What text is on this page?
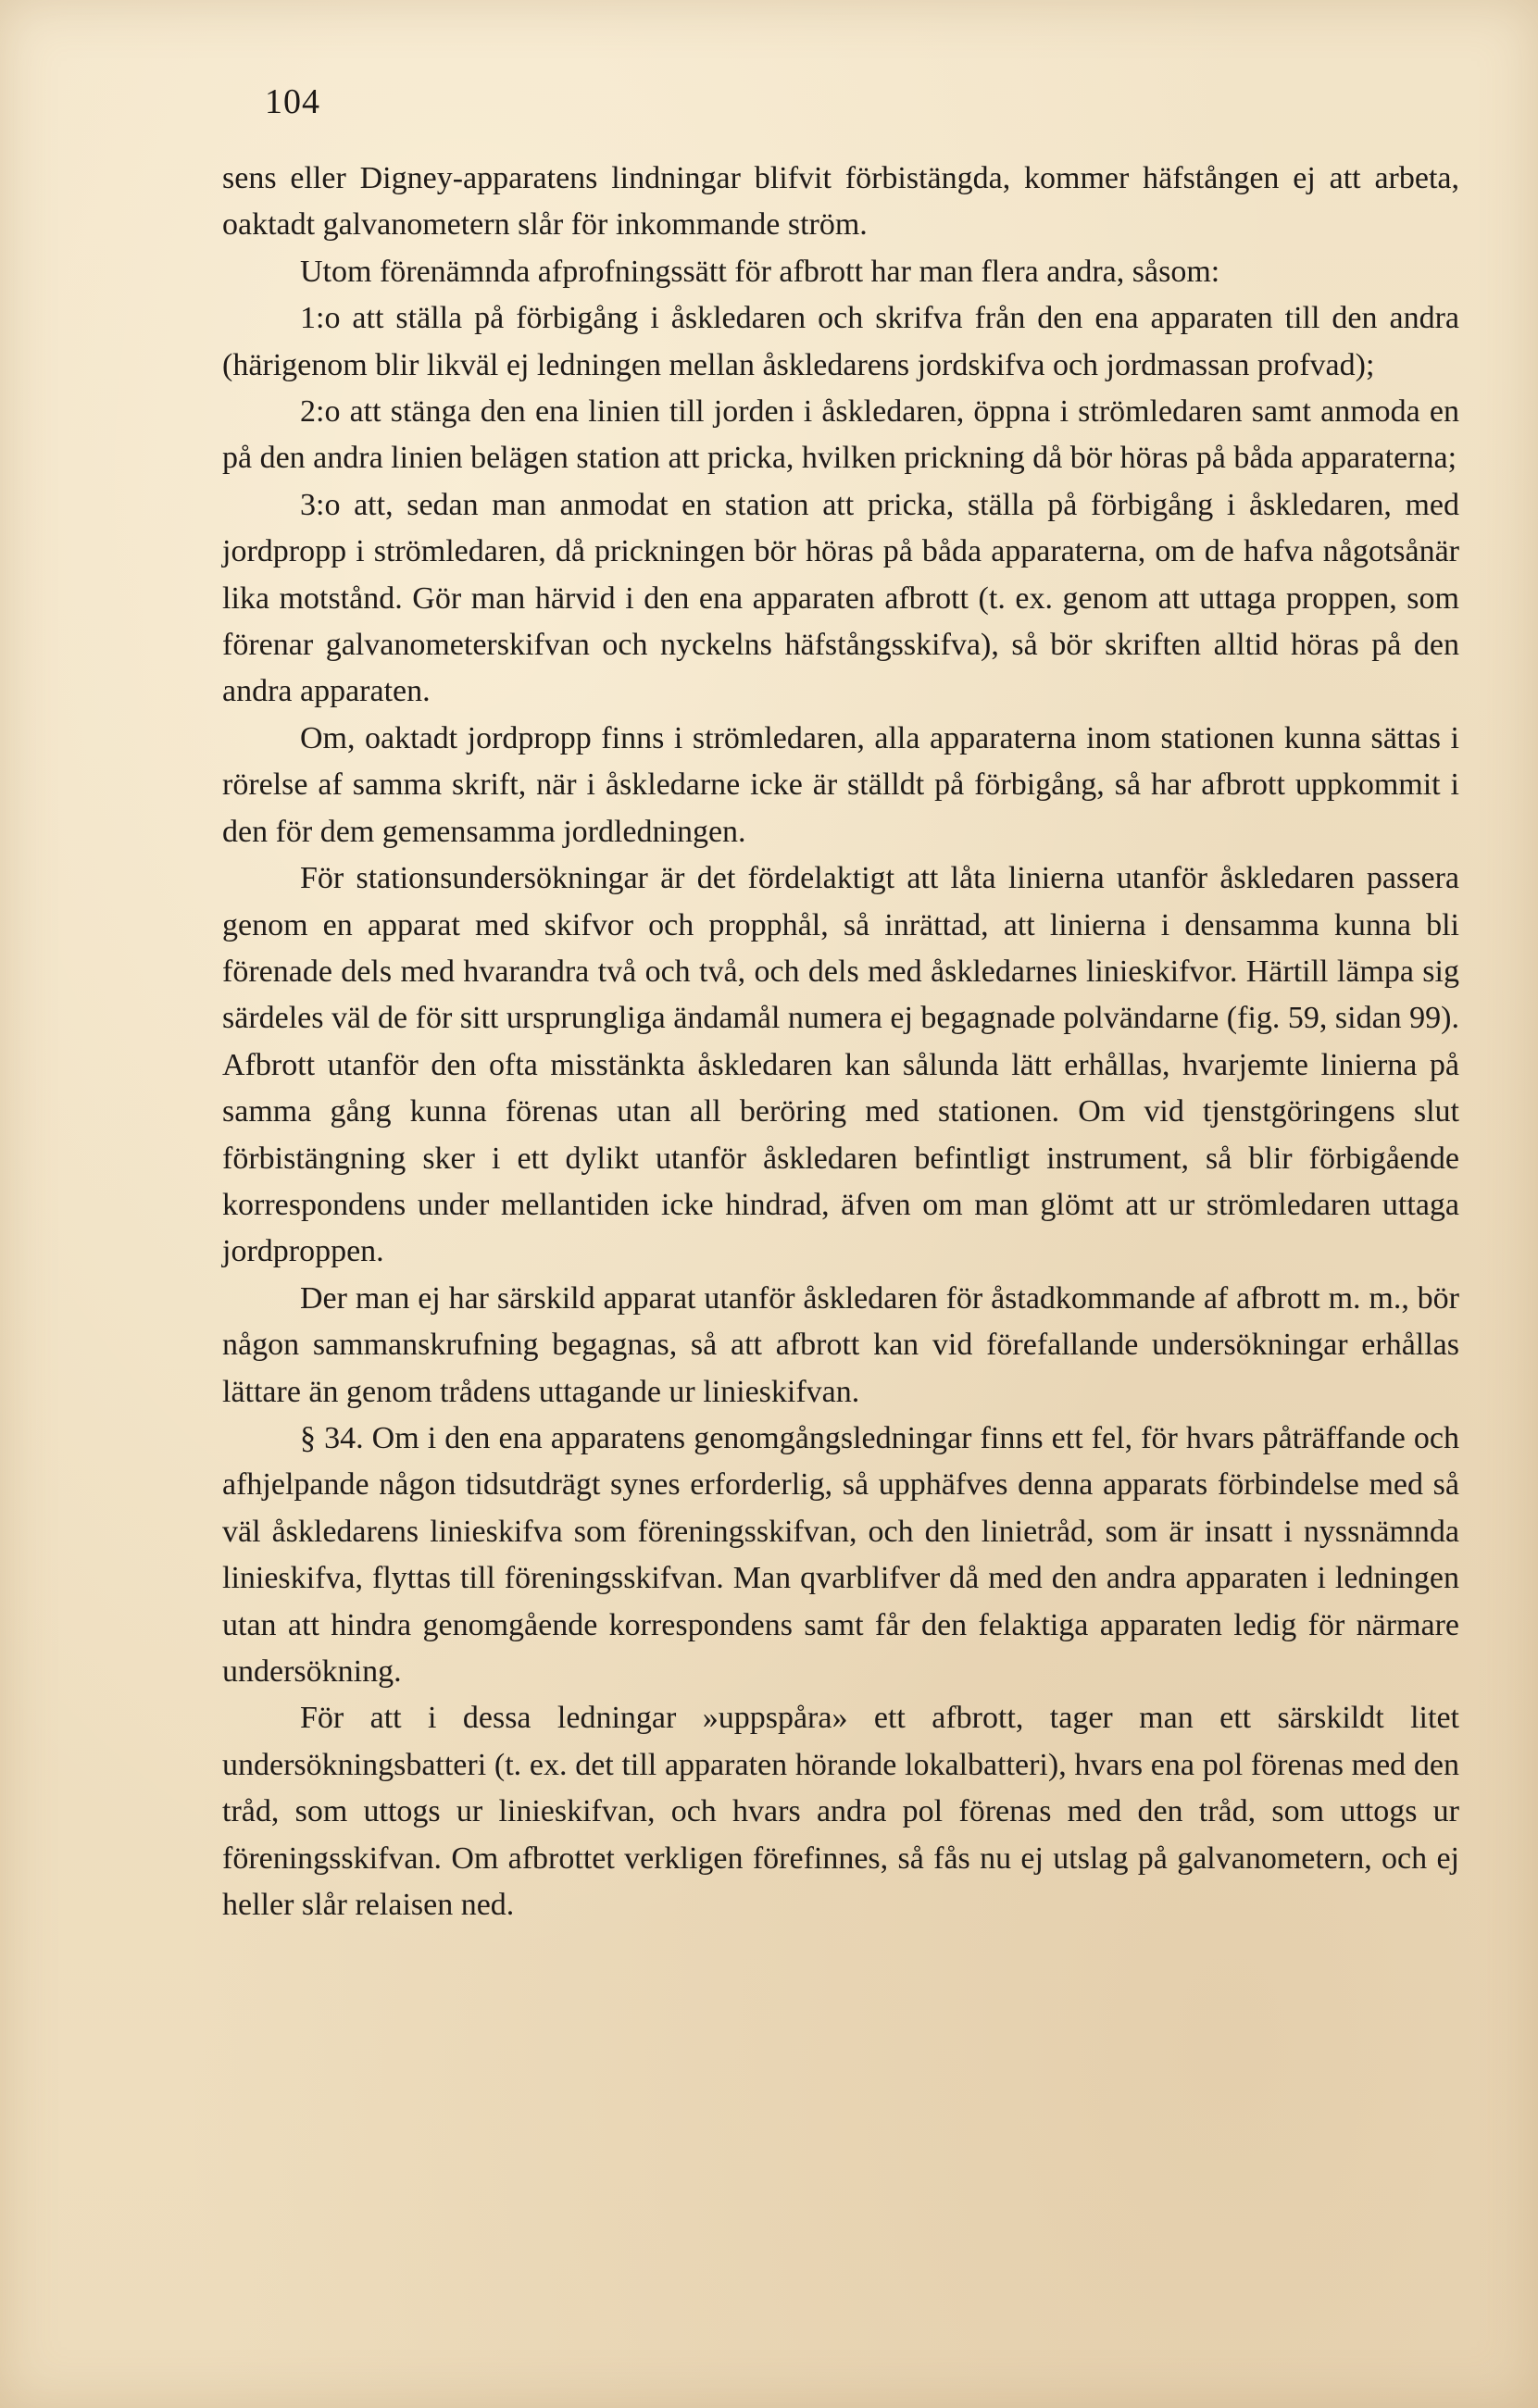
104

sens eller Digney-apparatens lindningar blifvit förbistängda, kommer häfstången ej att arbeta, oaktadt galvanometern slår för inkommande ström.

Utom förenämnda afprofningssätt för afbrott har man flera andra, såsom:

1:o att ställa på förbigång i åskledaren och skrifva från den ena apparaten till den andra (härigenom blir likväl ej ledningen mellan åskledarens jordskifva och jordmassan profvad);

2:o att stänga den ena linien till jorden i åskledaren, öppna i strömledaren samt anmoda en på den andra linien belägen station att pricka, hvilken prickning då bör höras på båda apparaterna;

3:o att, sedan man anmodat en station att pricka, ställa på förbigång i åskledaren, med jordpropp i strömledaren, då prickningen bör höras på båda apparaterna, om de hafva någotsånär lika motstånd. Gör man härvid i den ena apparaten afbrott (t. ex. genom att uttaga proppen, som förenar galvanometerskifvan och nyckelns häfstångsskifva), så bör skriften alltid höras på den andra apparaten.

Om, oaktadt jordpropp finns i strömledaren, alla apparaterna inom stationen kunna sättas i rörelse af samma skrift, när i åskledarne icke är ställdt på förbigång, så har afbrott uppkommit i den för dem gemensamma jordledningen.

För stationsundersökningar är det fördelaktigt att låta linierna utanför åskledaren passera genom en apparat med skifvor och propphål, så inrättad, att linierna i densamma kunna bli förenade dels med hvarandra två och två, och dels med åskledarnes linieskifvor. Härtill lämpa sig särdeles väl de för sitt ursprungliga ändamål numera ej begagnade polvändarne (fig. 59, sidan 99). Afbrott utanför den ofta misstänkta åskledaren kan sålunda lätt erhållas, hvarjemte linierna på samma gång kunna förenas utan all beröring med stationen. Om vid tjenstgöringens slut förbistängning sker i ett dylikt utanför åskledaren befintligt instrument, så blir förbigående korrespondens under mellantiden icke hindrad, äfven om man glömt att ur strömledaren uttaga jordproppen.

Der man ej har särskild apparat utanför åskledaren för åstadkommande af afbrott m. m., bör någon sammanskrufning begagnas, så att afbrott kan vid förefallande undersökningar erhållas lättare än genom trådens uttagande ur linieskifvan.

§ 34. Om i den ena apparatens genomgångsledningar finns ett fel, för hvars påträffande och afhjelpande någon tidsutdrägt synes erforderlig, så upphäfves denna apparats förbindelse med så väl åskledarens linieskifva som föreningsskifvan, och den linietråd, som är insatt i nyssnämnda linieskifva, flyttas till föreningsskifvan. Man qvarblifver då med den andra apparaten i ledningen utan att hindra genomgående korrespondens samt får den felaktiga apparaten ledig för närmare undersökning.

För att i dessa ledningar »uppspåra» ett afbrott, tager man ett särskildt litet undersökningsbatteri (t. ex. det till apparaten hörande lokalbatteri), hvars ena pol förenas med den tråd, som uttogs ur linieskifvan, och hvars andra pol förenas med den tråd, som uttogs ur föreningsskifvan. Om afbrottet verkligen förefinnes, så fås nu ej utslag på galvanometern, och ej heller slår relaisen ned.
